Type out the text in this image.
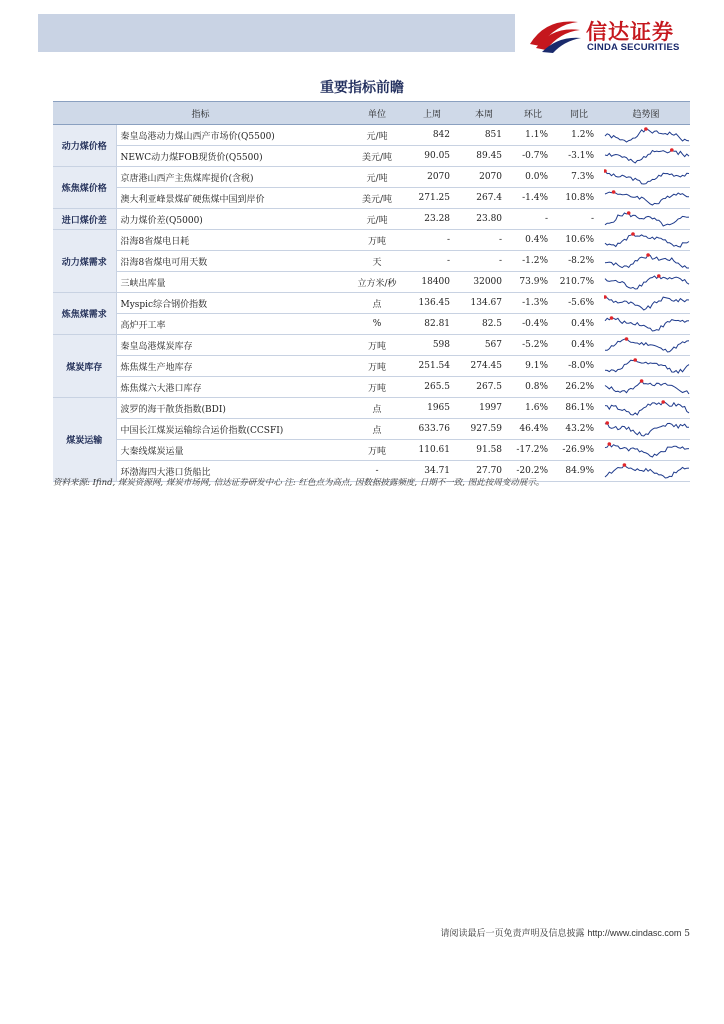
信达证券
CINDA SECURITIES
重要指标前瞻
指标		单位	上周	本周	环比	同比	趋势图
动力煤价格	秦皇岛港动力煤山西产市场价(Q5500)	元/吨	842	851	1.1%	1.2%	

	NEWC动力煤FOB现货价(Q5500)	美元/吨	90.05	89.45	-0.7%	-3.1%	

炼焦煤价格	京唐港山西产主焦煤库提价(含税)	元/吨	2070	2070	0.0%	7.3%	

	澳大利亚峰景煤矿硬焦煤中国到岸价	美元/吨	271.25	267.4	-1.4%	10.8%	

进口煤价差	动力煤价差(Q5000)	元/吨	23.28	23.80	-	-	

动力煤需求	沿海8省煤电日耗	万吨	-	-	0.4%	10.6%	

	沿海8省煤电可用天数	天	-	-	-1.2%	-8.2%	

	三峡出库量	立方米/秒	18400	32000	73.9%	210.7%	

炼焦煤需求	Myspic综合钢价指数	点	136.45	134.67	-1.3%	-5.6%	

	高炉开工率	%	82.81	82.5	-0.4%	0.4%	

煤炭库存	秦皇岛港煤炭库存	万吨	598	567	-5.2%	0.4%	

	炼焦煤生产地库存	万吨	251.54	274.45	9.1%	-8.0%	

	炼焦煤六大港口库存	万吨	265.5	267.5	0.8%	26.2%	

煤炭运输	波罗的海干散货指数(BDI)	点	1965	1997	1.6%	86.1%	

	中国长江煤炭运输综合运价指数(CCSFI)	点	633.76	927.59	46.4%	43.2%	

	大秦线煤炭运量	万吨	110.61	91.58	-17.2%	-26.9%	

	环渤海四大港口货船比	-	34.71	27.70	-20.2%	84.9%	
资料来源: Ifind, 煤炭资源网, 煤炭市场网, 信达证券研发中心 注: 红色点为高点, 因数据披露频度, 日期不一致, 图此按周变动展示。
请阅读最后一页免责声明及信息披露 http://www.cindasc.com 5
